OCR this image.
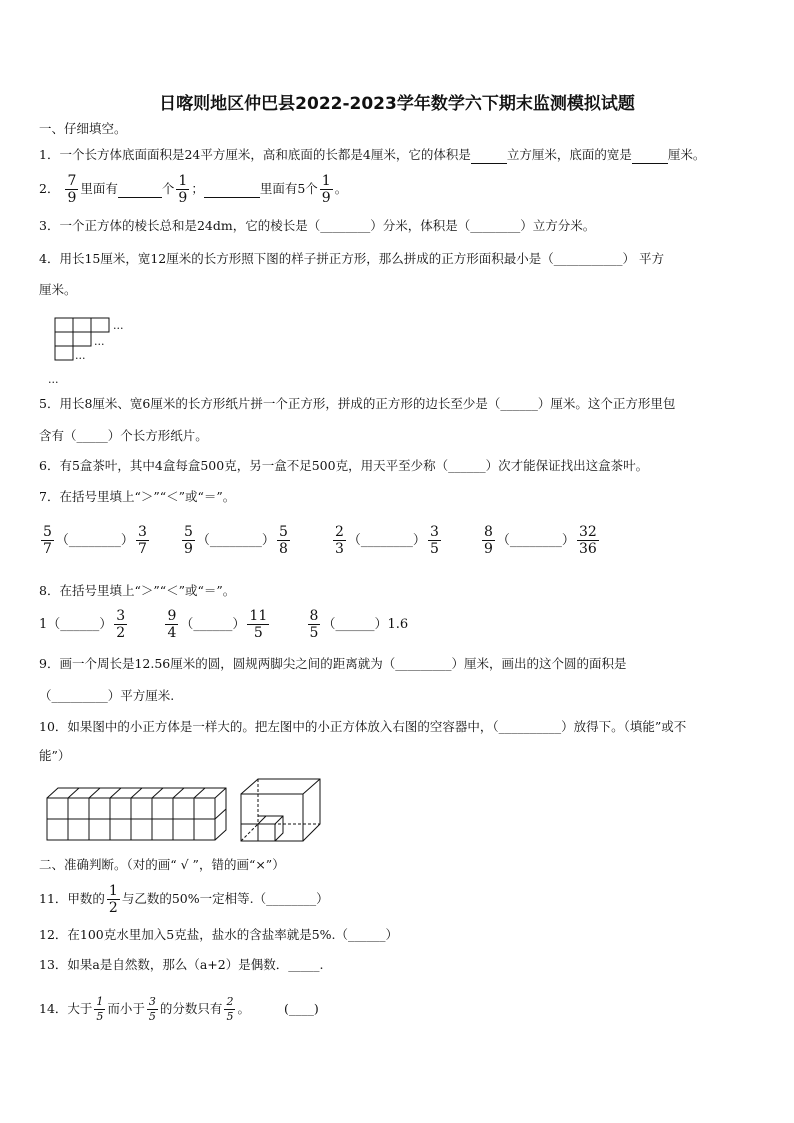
日喀则地区仲巴县2022-2023学年数学六下期末监测模拟试题
一、仔细填空。
1．一个长方体底面面积是24平方厘米，高和底面的长都是4厘米，它的体积是	立方厘米，底面的宽是	厘米。
2． $\frac{7}{9}$ 里面有	个 $\frac{1}{9}$ ；	里面有5个 $\frac{1}{9}$ 。
3．一个正方体的棱长总和是24dm，它的棱长是（________）分米，体积是（________）立方分米。
4．用长15厘米，宽12厘米的长方形照下图的样子拼正方形，那么拼成的正方形面积最小是（___________） 平方
厘米。
...
...
...
...
5．用长8厘米、宽6厘米的长方形纸片拼一个正方形，拼成的正方形的边长至少是（______）厘米。这个正方形里包
含有（_____）个长方形纸片。
6．有5盒茶叶，其中4盒每盒500克，另一盒不足500克，用天平至少称（______）次才能保证找出这盒茶叶。
7．在括号里填上“＞”“＜”或“＝”。
$\frac{5}{7}$ （________） $\frac{3}{7} \frac{5}{9}$ （________） $\frac{5}{8}$	$\frac{2}{3}$ （________） $\frac{3}{5}$	$\frac{8}{9}$ （________） $\frac{32}{36}$
8．在括号里填上“＞”“＜”或“＝”。
1（______） $\frac{3}{2}$
	$\frac{9}{4}$ （______） $\frac{11}{5}$
	$\frac{8}{5}$ （______）1.6
9．画一个周长是12.56厘米的圆，圆规两脚尖之间的距离就为（_________）厘米，画出的这个圆的面积是
（_________）平方厘米.
10．如果图中的小正方体是一样大的。把左图中的小正方体放入右图的空容器中，（__________）放得下。（填能”或不
能”）
二、准确判断。（对的画“ √ ”，错的画“×”）
11．甲数的 $\frac{1}{2}$ 与乙数的50%一定相等.（________）
12．在100克水里加入5克盐，盐水的含盐率就是5%.（______）
13．如果a是自然数，那么（a+2）是偶数．_____.
14．大于 $\frac{1}{5}$ 而小于 $\frac{3}{5}$ 的分数只有 $\frac{2}{5}$ 。	(____)
